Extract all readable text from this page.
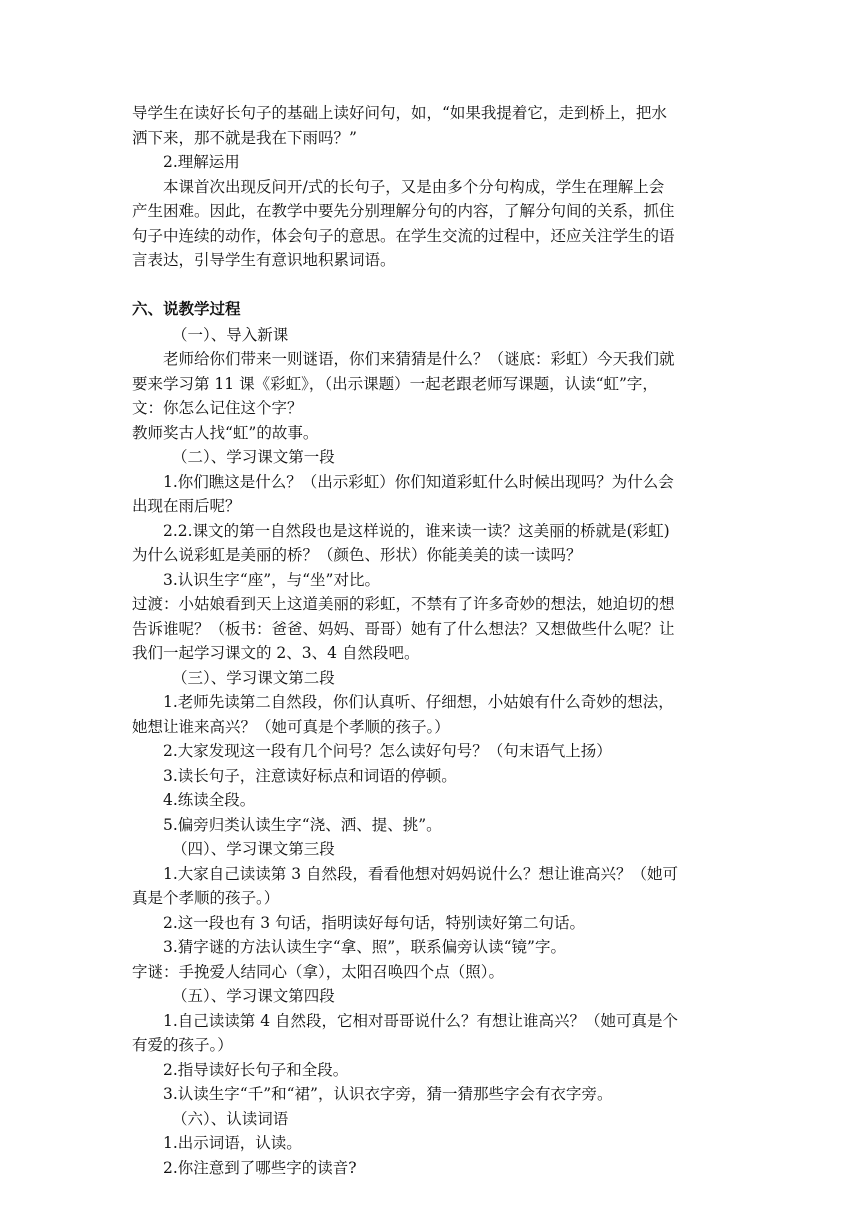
导学生在读好长句子的基础上读好问句，如，“如果我提着它，走到桥上，把水
洒下来，那不就是我在下雨吗？”
2.理解运用
本课首次出现反问开/式的长句子，又是由多个分句构成，学生在理解上会
产生困难。因此，在教学中要先分别理解分句的内容，了解分句间的关系，抓住
句子中连续的动作，体会句子的意思。在学生交流的过程中，还应关注学生的语
言表达，引导学生有意识地积累词语。
六、说教学过程
（一）、导入新课
老师给你们带来一则谜语，你们来猜猜是什么？（谜底：彩虹）今天我们就
要来学习第 11 课《彩虹》，（出示课题）一起老跟老师写课题，认读“虹”字，
文：你怎么记住这个字？
教师奖古人找“虹”的故事。
（二）、学习课文第一段
1.你们瞧这是什么？（出示彩虹）你们知道彩虹什么时候出现吗？为什么会
出现在雨后呢？
2.2.课文的第一自然段也是这样说的，谁来读一读？这美丽的桥就是(彩虹)
为什么说彩虹是美丽的桥？（颜色、形状）你能美美的读一读吗？
3.认识生字“座”，与“坐”对比。
过渡：小姑娘看到天上这道美丽的彩虹，不禁有了许多奇妙的想法，她迫切的想
告诉谁呢？（板书：爸爸、妈妈、哥哥）她有了什么想法？又想做些什么呢？让
我们一起学习课文的 2、3、4 自然段吧。
（三）、学习课文第二段
1.老师先读第二自然段，你们认真听、仔细想，小姑娘有什么奇妙的想法，
她想让谁来高兴？（她可真是个孝顺的孩子。）
2.大家发现这一段有几个问号？怎么读好句号？（句末语气上扬）
3.读长句子，注意读好标点和词语的停顿。
4.练读全段。
5.偏旁归类认读生字“浇、洒、提、挑”。
（四）、学习课文第三段
1.大家自己读读第 3 自然段，看看他想对妈妈说什么？想让谁高兴？（她可
真是个孝顺的孩子。）
2.这一段也有 3 句话，指明读好每句话，特别读好第二句话。
3.猜字谜的方法认读生字“拿、照”，联系偏旁认读“镜”字。
字谜：手挽爱人结同心（拿），太阳召唤四个点（照）。
（五）、学习课文第四段
1.自己读读第 4 自然段，它相对哥哥说什么？有想让谁高兴？（她可真是个
有爱的孩子。）
2.指导读好长句子和全段。
3.认读生字“千”和“裙”，认识衣字旁，猜一猜那些字会有衣字旁。
（六）、认读词语
1.出示词语，认读。
2.你注意到了哪些字的读音?
